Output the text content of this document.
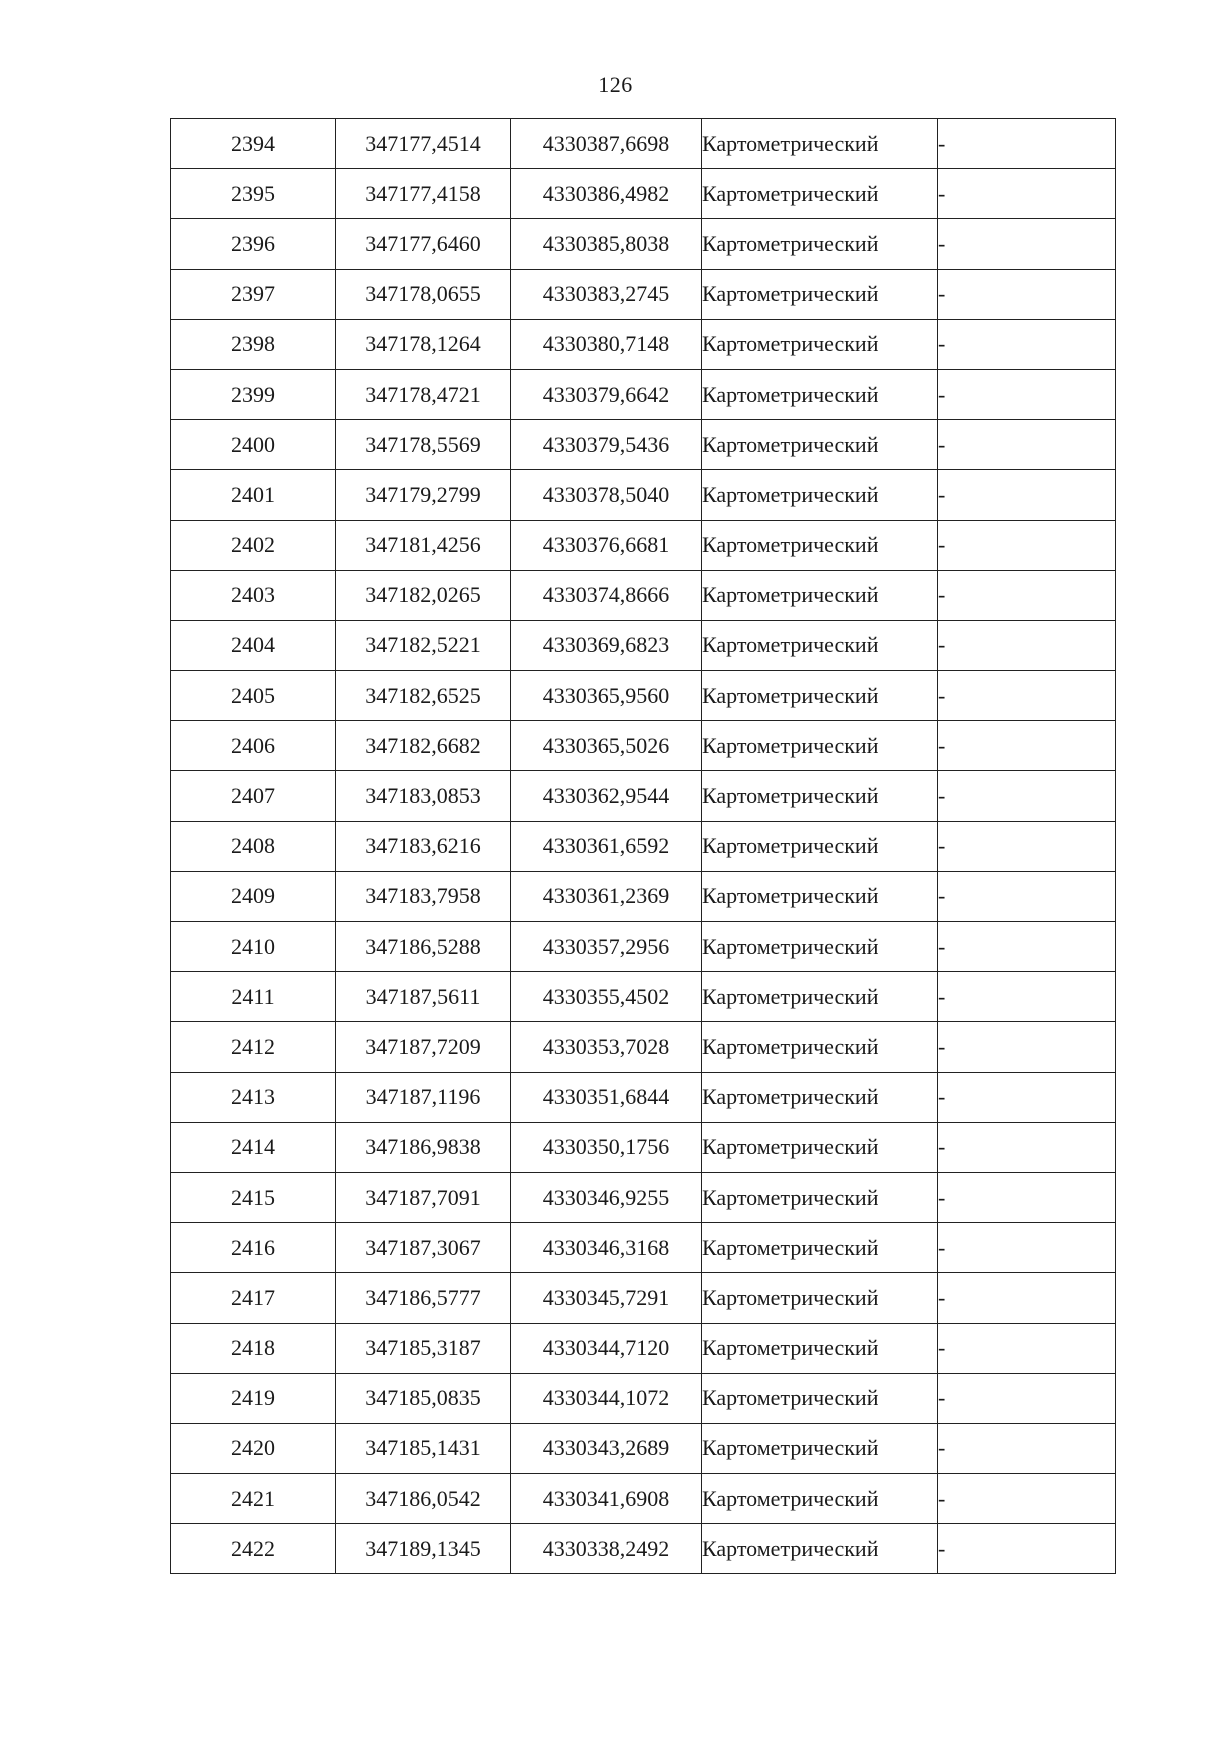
126
2394	347177,4514	4330387,6698	Картометрический	-
2395	347177,4158	4330386,4982	Картометрический	-
2396	347177,6460	4330385,8038	Картометрический	-
2397	347178,0655	4330383,2745	Картометрический	-
2398	347178,1264	4330380,7148	Картометрический	-
2399	347178,4721	4330379,6642	Картометрический	-
2400	347178,5569	4330379,5436	Картометрический	-
2401	347179,2799	4330378,5040	Картометрический	-
2402	347181,4256	4330376,6681	Картометрический	-
2403	347182,0265	4330374,8666	Картометрический	-
2404	347182,5221	4330369,6823	Картометрический	-
2405	347182,6525	4330365,9560	Картометрический	-
2406	347182,6682	4330365,5026	Картометрический	-
2407	347183,0853	4330362,9544	Картометрический	-
2408	347183,6216	4330361,6592	Картометрический	-
2409	347183,7958	4330361,2369	Картометрический	-
2410	347186,5288	4330357,2956	Картометрический	-
2411	347187,5611	4330355,4502	Картометрический	-
2412	347187,7209	4330353,7028	Картометрический	-
2413	347187,1196	4330351,6844	Картометрический	-
2414	347186,9838	4330350,1756	Картометрический	-
2415	347187,7091	4330346,9255	Картометрический	-
2416	347187,3067	4330346,3168	Картометрический	-
2417	347186,5777	4330345,7291	Картометрический	-
2418	347185,3187	4330344,7120	Картометрический	-
2419	347185,0835	4330344,1072	Картометрический	-
2420	347185,1431	4330343,2689	Картометрический	-
2421	347186,0542	4330341,6908	Картометрический	-
2422	347189,1345	4330338,2492	Картометрический	-
